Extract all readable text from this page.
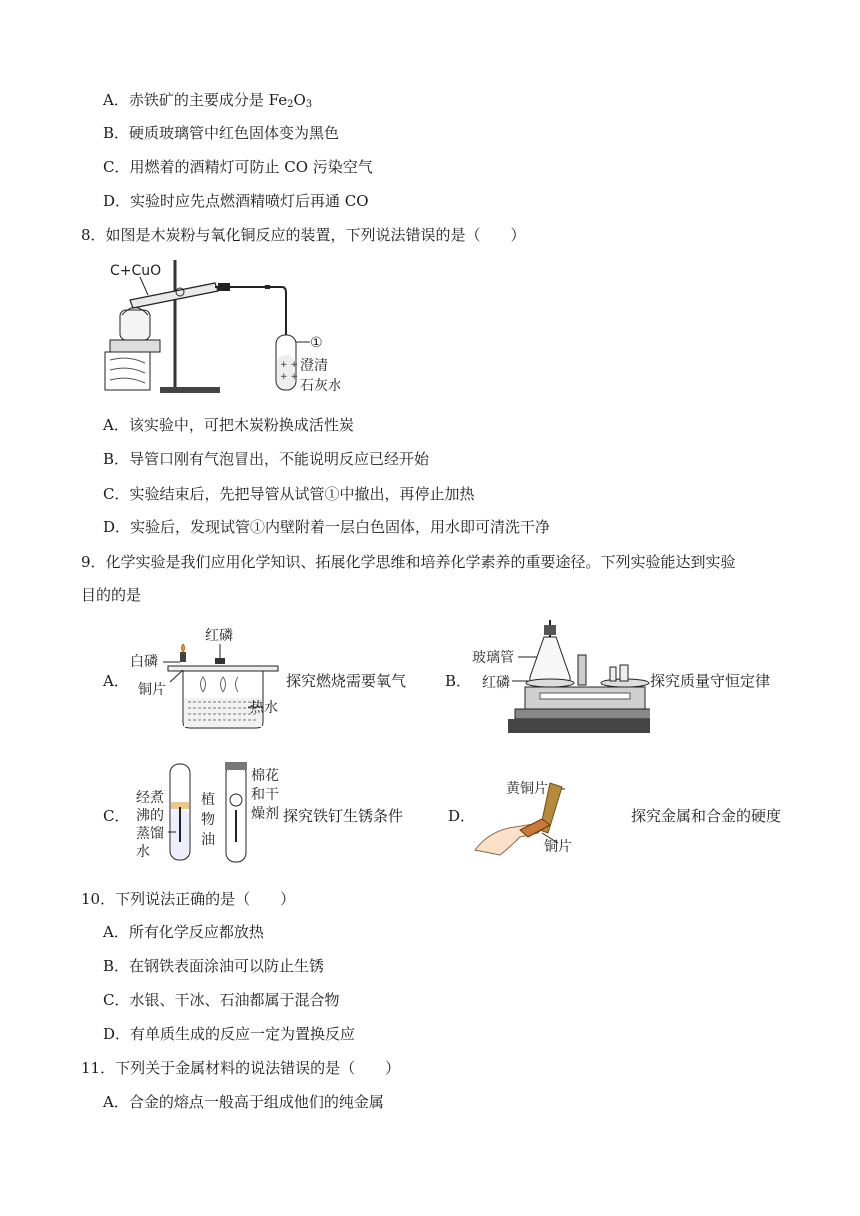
A．赤铁矿的主要成分是 $Fe_2O_3$
B．硬质玻璃管中红色固体变为黑色
C．用燃着的酒精灯可防止 CO 污染空气
D．实验时应先点燃酒精喷灯后再通 CO
8．如图是木炭粉与氧化铜反应的装置，下列说法错误的是（　　）
C+CuO
+ +
+ +
①
澄清
石灰水
A．该实验中，可把木炭粉换成活性炭
B．导管口刚有气泡冒出，不能说明反应已经开始
C．实验结束后，先把导管从试管①中撤出，再停止加热
D．实验后，发现试管①内壁附着一层白色固体，用水即可清洗干净
9．化学实验是我们应用化学知识、拓展化学思维和培养化学素养的重要途径。下列实验能达到实验
目的的是
A．
红磷
白磷
铜片
热水
探究燃烧需要氧气	B．
玻璃管
红磷	探究质量守恒定律
C．
经煮
沸的
蒸馏
水
植
物
油
棉花
和干
燥剂 探究铁钉生锈条件	D．
黄铜片
铜片
探究金属和合金的硬度
10．下列说法正确的是（　　）
A．所有化学反应都放热
B．在钢铁表面涂油可以防止生锈
C．水银、干冰、石油都属于混合物
D．有单质生成的反应一定为置换反应
11．下列关于金属材料的说法错误的是（　　）
A．合金的熔点一般高于组成他们的纯金属
